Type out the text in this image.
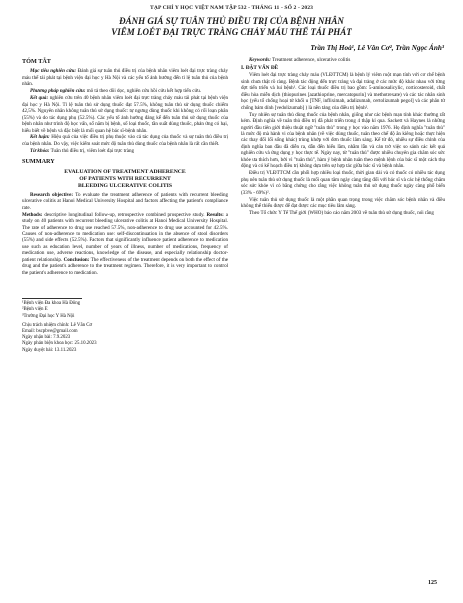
TẠP CHÍ Y HỌC VIỆT NAM TẬP 532 - THÁNG 11 - SỐ 2 - 2023
ĐÁNH GIÁ SỰ TUÂN THỦ ĐIỀU TRỊ CỦA BỆNH NHÂN
VIÊM LOÉT ĐẠI TRỰC TRÀNG CHẢY MÁU THỂ TÁI PHÁT
Trần Thị Hoà¹, Lê Văn Cơ², Trần Ngọc Ánh³
TÓM TẮT

Mục tiêu nghiên cứu: Đánh giá sự tuân thủ điều trị của bệnh nhân viêm loét đại trực tràng chảy máu thể tái phát tại bệnh viện đại học y Hà Nội và các yếu tố ảnh hưởng đến tỉ lệ tuân thủ của bệnh nhân.

Phương pháp nghiên cứu: mô tả theo dõi dọc, nghiên cứu hồi cứu kết hợp tiến cứu.

Kết quả: nghiên cứu trên 40 bệnh nhân viêm loét đại trực tràng chảy máu tái phát tại bệnh viện đại học y Hà Nội. Tỉ lệ tuân thủ sử dụng thuốc đạt 57.5%, không tuân thủ sử dụng thuốc chiếm 42,5%. Nguyên nhân không tuân thủ sử dụng thuốc: tự ngưng dùng thuốc khi không có rối loạn phân (55%) và do tác dụng phụ (52.5%). Các yếu tố ảnh hưởng đáng kể đến tuân thủ sử dụng thuốc của bệnh nhân như trình độ học vấn, số năm bị bệnh, số loại thuốc, tần suất dùng thuốc, phản ứng có hại, hiểu biết về bệnh và đặc biệt là mối quan hệ bác sĩ-bệnh nhân.

Kết luận: Hiệu quả của việc điều trị phụ thuộc vào cả tác dụng của thuốc và sự tuân thủ điều trị của bệnh nhân. Do vậy, việc kiểm soát mức độ tuân thủ dùng thuốc của bệnh nhân là rất cần thiết.

Từ khóa: Tuân thủ điều trị, viêm loét đại trực tràng

SUMMARY
EVALUATION OF TREATMENT ADHERENCE
OF PATIENTS WITH RECURRENT
BLEEDING ULCERATIVE COLITIS

Research objective: To evaluate the treatment adherence of patients with recurrent bleeding ulcerative colitis at Hanoi Medical University Hospital and factors affecting the patient's compliance rate.

Methods: descriptive longitudinal follow-up, retrospective combined prospective study. Results: a study on 40 patients with recurrent bleeding ulcerative colitis at Hanoi Medical University Hospital. The rate of adherence to drug use reached 57.5%, non-adherence to drug use accounted for 42.5%. Causes of non-adherence to medication use: self-discontinuation in the absence of stool disorders (55%) and side effects (52.5%). Factors that significantly influence patient adherence to medication use such as education level, number of years of illness, number of medications, frequency of medication use, adverse reactions, knowledge of the disease, and especially relationship doctor-patient relationship. Conclusion: The effectiveness of the treatment depends on both the effect of the drug and the patient's adherence to the treatment regimen. Therefore, it is very important to control the patient's adherence to medication.

¹Bệnh viện Đa khoa Hà Đông

²Bệnh viện E

³Trường Đại học Y Hà Nội

Chịu trách nhiệm chính: Lê Văn Cơ

Email: bscpbve@gmail.com

Ngày nhận bài: 7.9.2023

Ngày phản biện khoa học: 25.10.2023

Ngày duyệt bài: 13.11.2023

Keywords: Treatment adherence, ulcerative colitis

I. ĐẶT VẤN ĐỀ

Viêm loét đại trực tràng chảy máu (VLĐTTCM) là bệnh lý viêm ruột mạn tính với cơ chế bệnh sinh chưa thật rõ ràng. Bệnh tác động đến trực tràng và đại tràng ở các mức độ khác nhau với từng đợt tiến triển và lui bệnh¹. Các loại thuốc điều trị bao gồm: 5-aminosalicylic, corticosteroid, chất điều hòa miễn dịch (thiopurines [azathioprine, mercatopurin] và methotrexate) và các tác nhân sinh học (yếu tố chống hoại tử khối u [TNF, infliximab, adalizumab, certolizumab pegol] và các phân tử chống bám dính [vedolizumab] ) là nền tảng của điều trị bệnh².

Tuy nhiên sự tuân thủ dùng thuốc của bệnh nhân, giống như các bệnh mạn tính khác thường rất kém. Định nghĩa về tuân thủ điều trị đã phát triển trong 4 thập kỉ qua. Sackett và Haynes là những người đầu tiên giới thiệu thuật ngữ "tuân thủ" trong y học vào năm 1976. Họ định nghĩa "tuân thủ" là mức độ mà hành vi của bệnh nhân (về việc dùng thuốc, tuân theo chế độ ăn kiêng hoặc thực hiện các thay đổi lối sống khác) trùng khớp với đơn thuốc lâm sàng. Kể từ đó, nhiều sự điều chỉnh của định nghĩa ban đầu đã diễn ra, dẫn đến hiểu lầm, nhầm lẫn và cản trở việc so sánh các kết quả nghiên cứu và ứng dụng y học thực tế. Ngày nay, từ "tuân thủ" được nhiều chuyên gia chăm sóc sức khỏe ưa thích hơn, bởi vì "tuân thủ", hàm ý bệnh nhân tuân theo mệnh lệnh của bác sĩ một cách thụ động và có kế hoạch điều trị không dựa trên sự hợp tác giữa bác sĩ và bệnh nhân.

Điều trị VLĐTTCM cần phối hợp nhiều loại thuốc, thời gian dài và có thuốc có nhiều tác dụng phụ nên tuân thủ sử dụng thuốc là mối quan tâm ngày càng tăng đối với bác sĩ và các hệ thống chăm sóc sức khỏe vì có bằng chứng cho rằng việc không tuân thủ sử dụng thuốc ngày càng phổ biến (33% - 69%)².

Việc tuân thủ sử dụng thuốc là một phần quan trọng trong việc chăm sóc bệnh nhân và điều không thể thiếu được để đạt được các mục tiêu lâm sàng.

Theo Tổ chức Y Tế Thế giới (WHO) báo cáo năm 2003 về tuân thủ sử dụng thuốc, nói rằng

125
